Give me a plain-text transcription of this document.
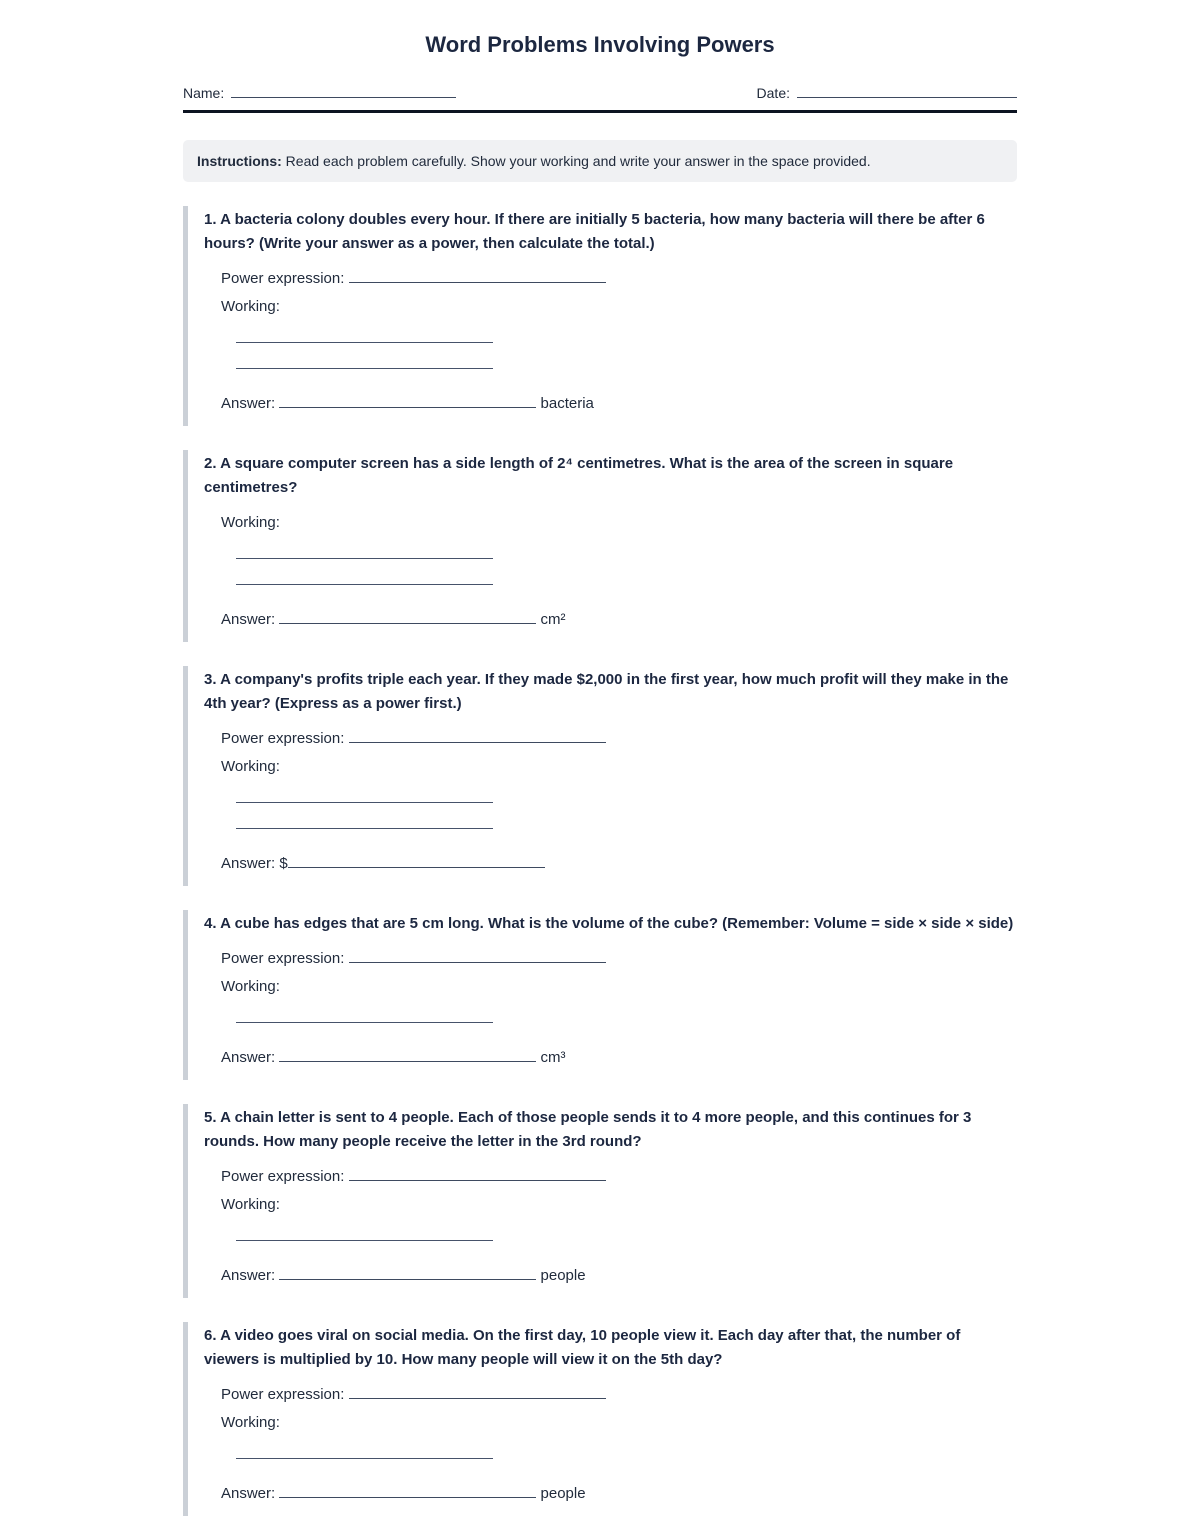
Word Problems Involving Powers
Name:	Date:
Instructions: Read each problem carefully. Show your working and write your answer in the space provided.

1. A bacteria colony doubles every hour. If there are initially 5 bacteria, how many bacteria will there be after 6 hours? (Write your answer as a power, then calculate the total.)

Power expression:
Working:
Answer:	bacteria

2. A square computer screen has a side length of 2⁴ centimetres. What is the area of the screen in square centimetres?

Working:
Answer:	cm²

3. A company's profits triple each year. If they made $2,000 in the first year, how much profit will they make in the 4th year? (Express as a power first.)

Power expression:
Working:
Answer: $

4. A cube has edges that are 5 cm long. What is the volume of the cube? (Remember: Volume = side × side × side)

Power expression:
Working:
Answer:	cm³

5. A chain letter is sent to 4 people. Each of those people sends it to 4 more people, and this continues for 3 rounds. How many people receive the letter in the 3rd round?

Power expression:
Working:
Answer:	people

6. A video goes viral on social media. On the first day, 10 people view it. Each day after that, the number of viewers is multiplied by 10. How many people will view it on the 5th day?

Power expression:
Working:
Answer:	people
